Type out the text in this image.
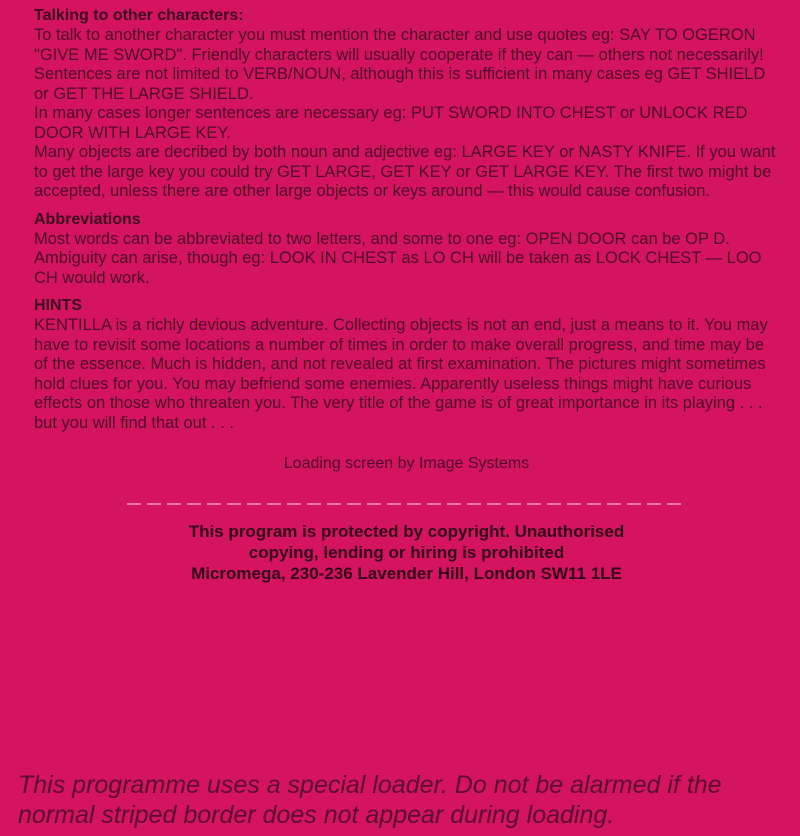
Talking to other characters:

To talk to another character you must mention the character and use quotes eg: SAY TO OGERON "GIVE ME SWORD". Friendly characters will usually cooperate if they can — others not necessarily!

Sentences are not limited to VERB/NOUN, although this is sufficient in many cases eg GET SHIELD or GET THE LARGE SHIELD.

In many cases longer sentences are necessary eg: PUT SWORD INTO CHEST or UNLOCK RED DOOR WITH LARGE KEY.

Many objects are decribed by both noun and adjective eg: LARGE KEY or NASTY KNIFE. If you want to get the large key you could try GET LARGE, GET KEY or GET LARGE KEY. The first two might be accepted, unless there are other large objects or keys around — this would cause confusion.

Abbreviations

Most words can be abbreviated to two letters, and some to one eg: OPEN DOOR can be OP D. Ambiguity can arise, though eg: LOOK IN CHEST as LO CH will be taken as LOCK CHEST — LOO CH would work.

HINTS

KENTILLA is a richly devious adventure. Collecting objects is not an end, just a means to it. You may have to revisit some locations a number of times in order to make overall progress, and time may be of the essence. Much is hidden, and not revealed at first examination. The pictures might sometimes hold clues for you. You may befriend some enemies. Apparently useless things might have curious effects on those who threaten you. The very title of the game is of great importance in its playing . . . but you will find that out . . .

Loading screen by Image Systems
This program is protected by copyright. Unauthorised
copying, lending or hiring is prohibited
Micromega, 230-236 Lavender Hill, London SW11 1LE
This programme uses a special loader. Do not be alarmed if the normal striped border does not appear during loading.
